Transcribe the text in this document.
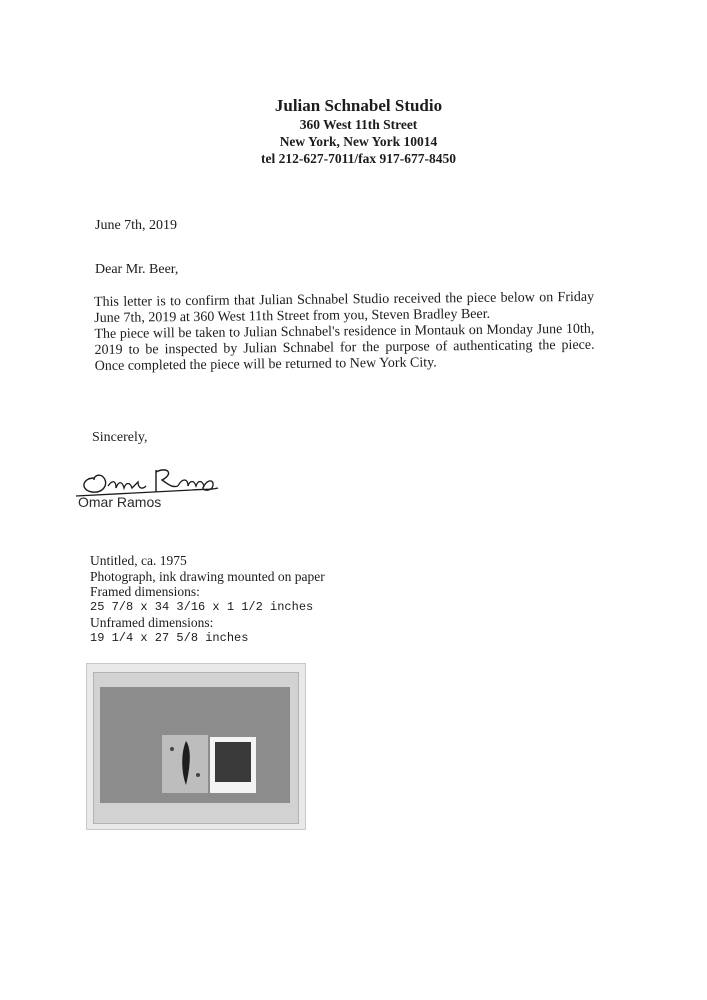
Julian Schnabel Studio
360 West 11th Street
New York, New York 10014
tel 212-627-7011/fax 917-677-8450
June 7th, 2019
Dear Mr. Beer,

This letter is to confirm that Julian Schnabel Studio received the piece below on Friday June 7th, 2019 at 360 West 11th Street from you, Steven Bradley Beer.

The piece will be taken to Julian Schnabel's residence in Montauk on Monday June 10th, 2019 to be inspected by Julian Schnabel for the purpose of authenticating the piece. Once completed the piece will be returned to New York City.

Sincerely,
Omar Ramos
Untitled, ca. 1975
Photograph, ink drawing mounted on paper
Framed dimensions:
25 7/8 x 34 3/16 x 1 1/2 inches
Unframed dimensions:
19 1/4 x 27 5/8 inches
